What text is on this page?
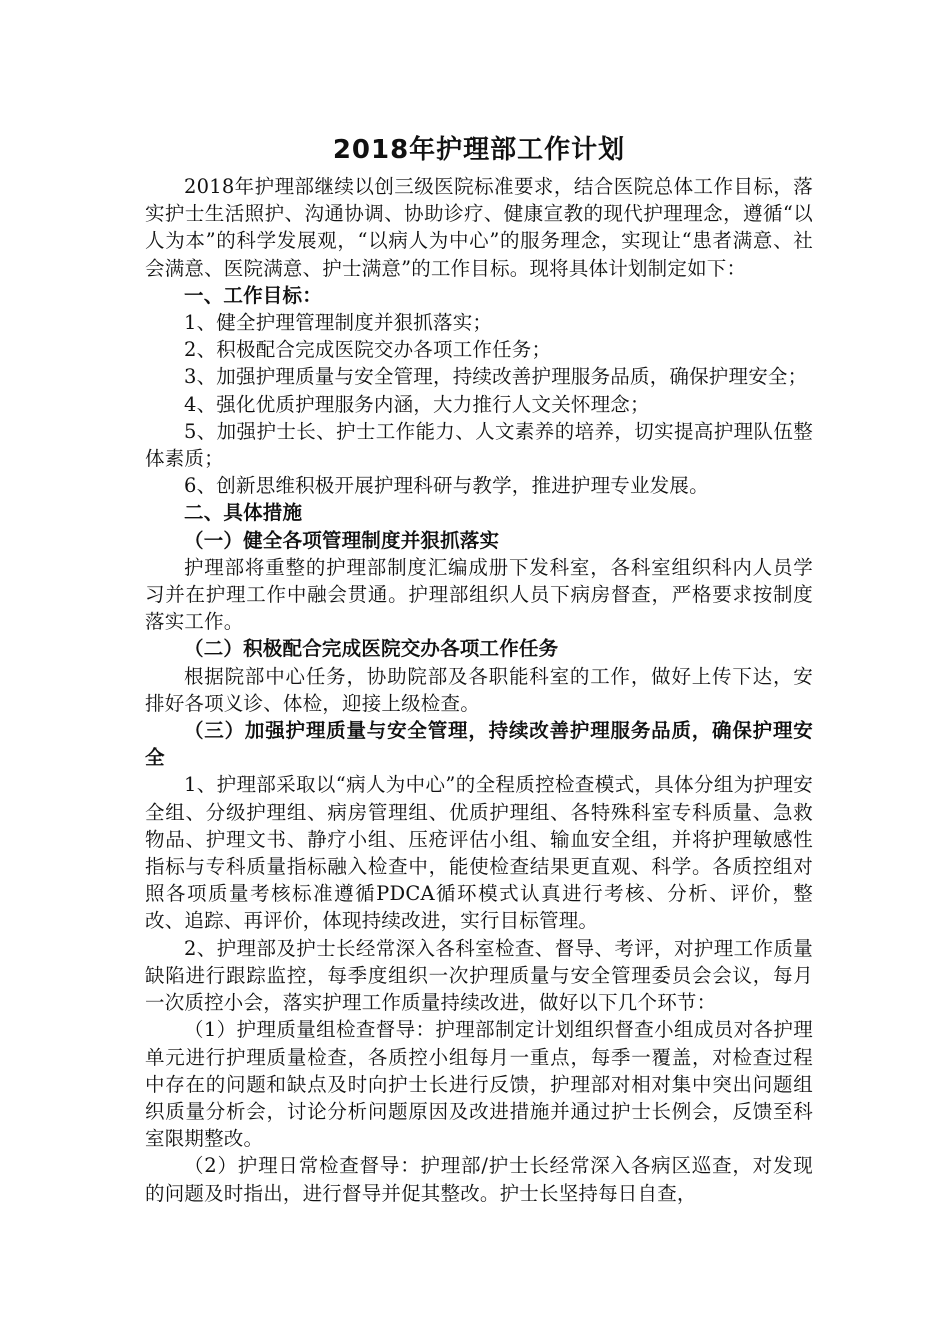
2018年护理部工作计划

2018年护理部继续以创三级医院标准要求，结合医院总体工作目标，落实护士生活照护、沟通协调、协助诊疗、健康宣教的现代护理理念，遵循“以人为本”的科学发展观，“以病人为中心”的服务理念，实现让“患者满意、社会满意、医院满意、护士满意”的工作目标。现将具体计划制定如下：

一、工作目标：

1、健全护理管理制度并狠抓落实；

2、积极配合完成医院交办各项工作任务；

3、加强护理质量与安全管理，持续改善护理服务品质，确保护理安全；

4、强化优质护理服务内涵，大力推行人文关怀理念；

5、加强护士长、护士工作能力、人文素养的培养，切实提高护理队伍整体素质；

6、创新思维积极开展护理科研与教学，推进护理专业发展。

二、具体措施

（一）健全各项管理制度并狠抓落实

护理部将重整的护理部制度汇编成册下发科室，各科室组织科内人员学习并在护理工作中融会贯通。护理部组织人员下病房督查，严格要求按制度落实工作。

（二）积极配合完成医院交办各项工作任务

根据院部中心任务，协助院部及各职能科室的工作，做好上传下达，安排好各项义诊、体检，迎接上级检查。

（三）加强护理质量与安全管理，持续改善护理服务品质，确保护理安全

1、护理部采取以“病人为中心”的全程质控检查模式，具体分组为护理安全组、分级护理组、病房管理组、优质护理组、各特殊科室专科质量、急救物品、护理文书、静疗小组、压疮评估小组、输血安全组，并将护理敏感性指标与专科质量指标融入检查中，能使检查结果更直观、科学。各质控组对照各项质量考核标准遵循PDCA循环模式认真进行考核、分析、评价，整改、追踪、再评价，体现持续改进，实行目标管理。

2、护理部及护士长经常深入各科室检查、督导、考评，对护理工作质量缺陷进行跟踪监控，每季度组织一次护理质量与安全管理委员会会议，每月一次质控小会，落实护理工作质量持续改进，做好以下几个环节：

（1）护理质量组检查督导：护理部制定计划组织督查小组成员对各护理单元进行护理质量检查，各质控小组每月一重点，每季一覆盖，对检查过程中存在的问题和缺点及时向护士长进行反馈，护理部对相对集中突出问题组织质量分析会，讨论分析问题原因及改进措施并通过护士长例会，反馈至科室限期整改。

（2）护理日常检查督导：护理部/护士长经常深入各病区巡查，对发现的问题及时指出，进行督导并促其整改。护士长坚持每日自查，
